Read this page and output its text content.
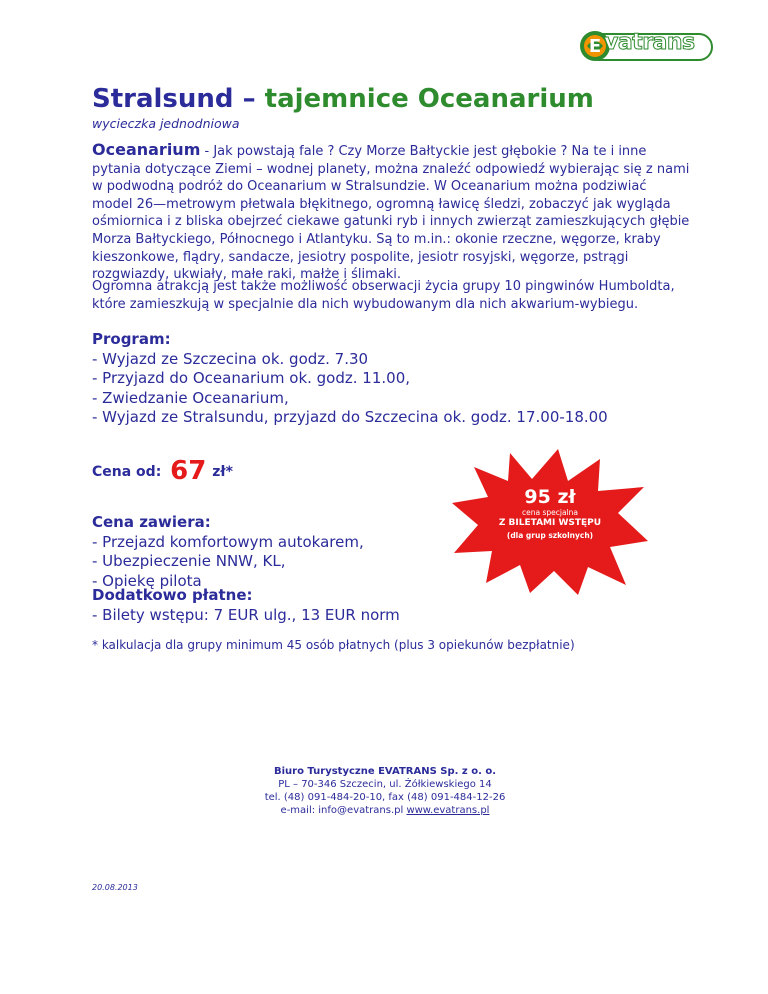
E vatrans
Stralsund – tajemnice Oceanarium
wycieczka jednodniowa
Oceanarium - Jak powstają fale ? Czy Morze Bałtyckie jest głębokie ? Na te i inne pytania dotyczące Ziemi – wodnej planety, można znaleźć odpowiedź wybierając się z nami w podwodną podróż do Oceanarium w Stralsundzie. W Oceanarium można podziwiać model 26—metrowym płetwala błękitnego, ogromną ławicę śledzi, zobaczyć jak wygląda ośmiornica i z bliska obejrzeć ciekawe gatunki ryb i innych zwierząt zamieszkujących głębie Morza Bałtyckiego, Północnego i Atlantyku. Są to m.in.: okonie rzeczne, węgorze, kraby kieszonkowe, flądry, sandacze, jesiotry pospolite, jesiotr rosyjski, węgorze, pstrągi rozgwiazdy, ukwiały, małe raki, małże i ślimaki.
Ogromna atrakcją jest także możliwość obserwacji życia grupy 10 pingwinów Humboldta, które zamieszkują w specjalnie dla nich wybudowanym dla nich akwarium-wybiegu.
Program:
- Wyjazd ze Szczecina ok. godz. 7.30
- Przyjazd do Oceanarium ok. godz. 11.00,
- Zwiedzanie Oceanarium,
- Wyjazd ze Stralsundu, przyjazd do Szczecina ok. godz. 17.00-18.00
Cena od: 67 zł*
Cena zawiera:
- Przejazd komfortowym autokarem,
- Ubezpieczenie NNW, KL,
- Opiekę pilota
95 zł
cena specjalna
Z BILETAMI WSTĘPU
(dla grup szkolnych)
Dodatkowo płatne:
- Bilety wstępu: 7 EUR ulg., 13 EUR norm
* kalkulacja dla grupy minimum 45 osób płatnych (plus 3 opiekunów bezpłatnie)
Biuro Turystyczne EVATRANS Sp. z o. o.
PL – 70-346 Szczecin, ul. Żółkiewskiego 14
tel. (48) 091-484-20-10, fax (48) 091-484-12-26
e-mail: info@evatrans.pl www.evatrans.pl
20.08.2013
